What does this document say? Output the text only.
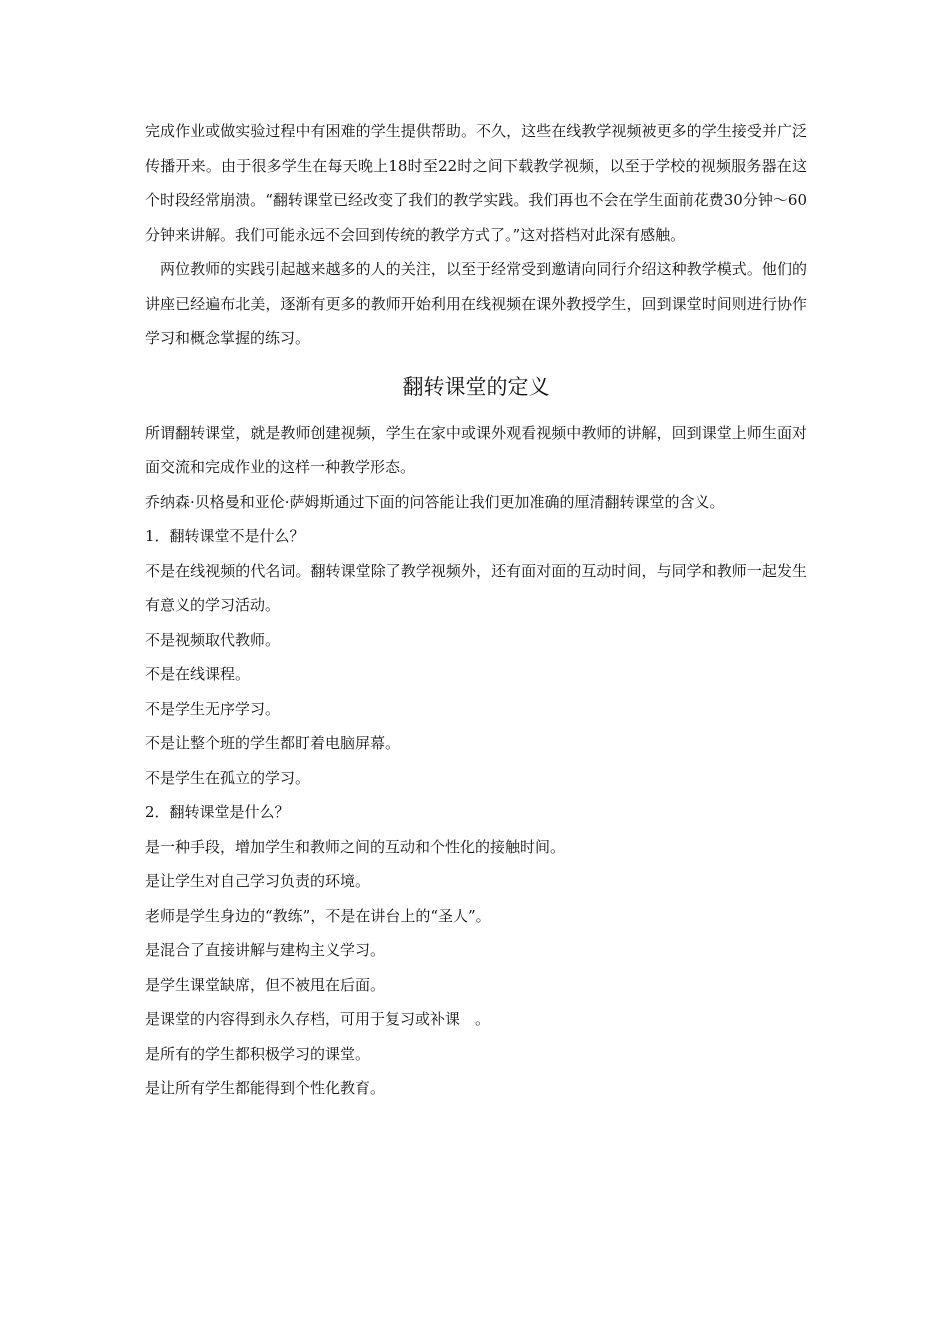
完成作业或做实验过程中有困难的学生提供帮助。不久，这些在线教学视频被更多的学生接受并广泛传播开来。由于很多学生在每天晚上18时至22时之间下载教学视频，以至于学校的视频服务器在这个时段经常崩溃。“翻转课堂已经改变了我们的教学实践。我们再也不会在学生面前花费30分钟～60分钟来讲解。我们可能永远不会回到传统的教学方式了。”这对搭档对此深有感触。

两位教师的实践引起越来越多的人的关注，以至于经常受到邀请向同行介绍这种教学模式。他们的讲座已经遍布北美，逐渐有更多的教师开始利用在线视频在课外教授学生，回到课堂时间则进行协作学习和概念掌握的练习。

翻转课堂的定义

所谓翻转课堂，就是教师创建视频，学生在家中或课外观看视频中教师的讲解，回到课堂上师生面对面交流和完成作业的这样一种教学形态。

乔纳森·贝格曼和亚伦·萨姆斯通过下面的问答能让我们更加准确的厘清翻转课堂的含义。

1．翻转课堂不是什么？

不是在线视频的代名词。翻转课堂除了教学视频外，还有面对面的互动时间，与同学和教师一起发生有意义的学习活动。

不是视频取代教师。

不是在线课程。

不是学生无序学习。

不是让整个班的学生都盯着电脑屏幕。

不是学生在孤立的学习。

2．翻转课堂是什么？

是一种手段，增加学生和教师之间的互动和个性化的接触时间。

是让学生对自己学习负责的环境。

老师是学生身边的“教练”，不是在讲台上的“圣人”。

是混合了直接讲解与建构主义学习。

是学生课堂缺席，但不被甩在后面。

是课堂的内容得到永久存档，可用于复习或补课　。

是所有的学生都积极学习的课堂。

是让所有学生都能得到个性化教育。
